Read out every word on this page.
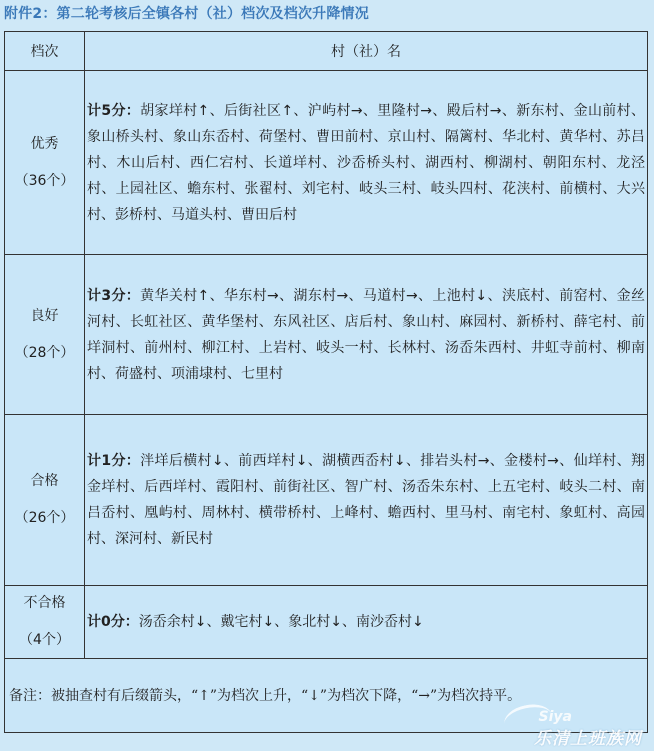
附件2：第二轮考核后全镇各村（社）档次及档次升降情况
档次	村（社）名
优秀
（36个）	计5分：胡家垟村↑、后街社区↑、沪屿村→、里隆村→、殿后村→、新东村、金山前村、象山桥头村、象山东岙村、荷堡村、曹田前村、京山村、隔篱村、华北村、黄华村、苏吕村、木山后村、西仁宕村、长道垟村、沙岙桥头村、湖西村、柳湖村、朝阳东村、龙泾村、上园社区、蟾东村、张翟村、刘宅村、岐头三村、岐头四村、花浃村、前横村、大兴村、彭桥村、马道头村、曹田后村
良好
（28个）	计3分：黄华关村↑、华东村→、湖东村→、马道村→、上池村↓、浃底村、前窑村、金丝河村、长虹社区、黄华堡村、东风社区、店后村、象山村、麻园村、新桥村、薛宅村、前垟洞村、前州村、柳江村、上岩村、岐头一村、长林村、汤岙朱西村、井虹寺前村、柳南村、荷盛村、项浦埭村、七里村
合格
（26个）	计1分：泮垟后横村↓、前西垟村↓、湖横西岙村↓、排岩头村→、金楼村→、仙垟村、翔金垟村、后西垟村、霞阳村、前街社区、智广村、汤岙朱东村、上五宅村、岐头二村、南吕岙村、凰屿村、周林村、横带桥村、上峰村、蟾西村、里马村、南宅村、象虹村、高园村、深河村、新民村
不合格
（4个）	计0分：汤岙余村↓、戴宅村↓、象北村↓、南沙岙村↓
备注：被抽查村有后缀箭头，“↑”为档次上升，“↓”为档次下降，“→”为档次持平。	
Siya
乐清上班族网
